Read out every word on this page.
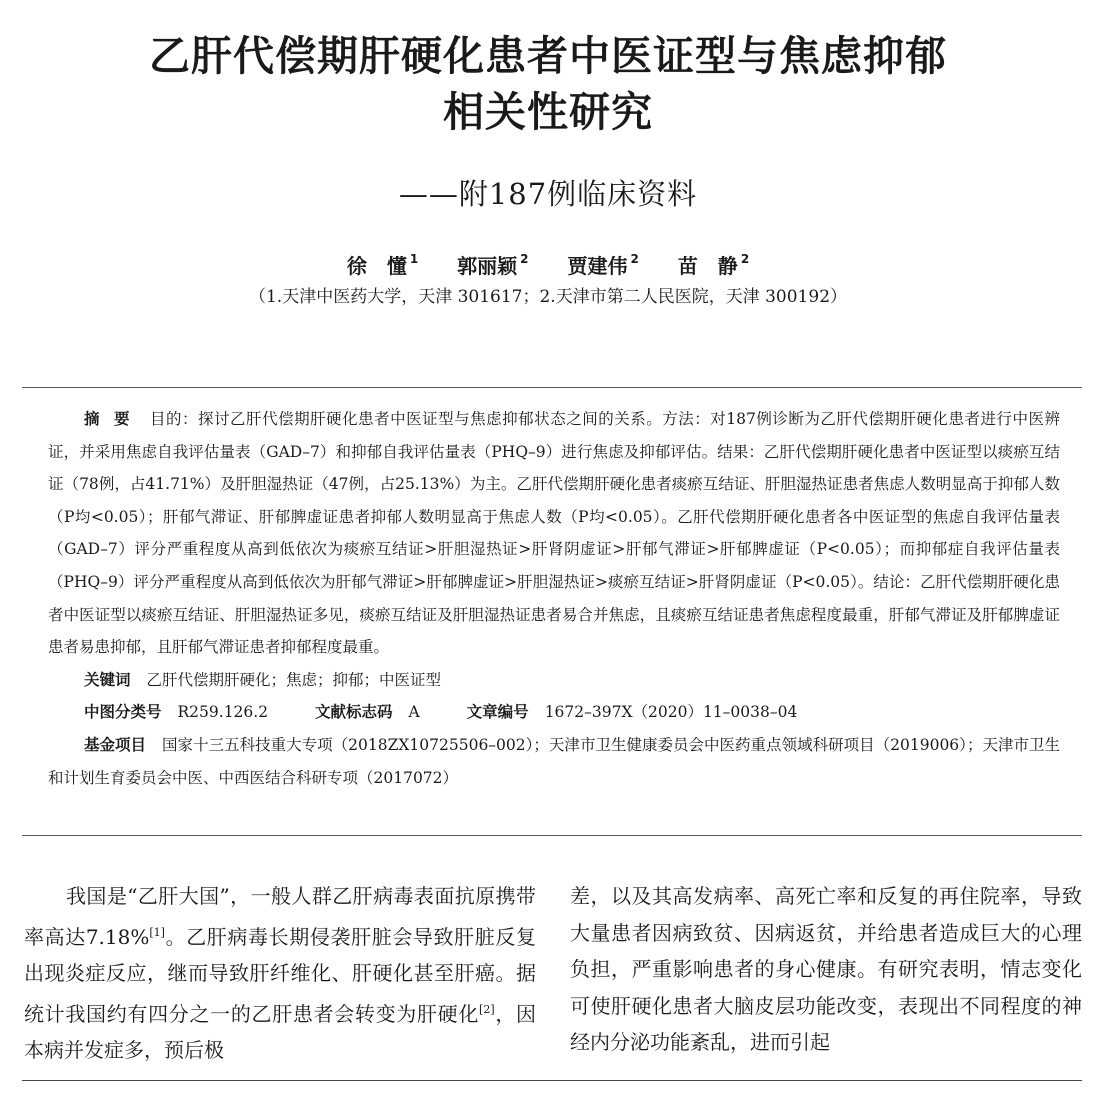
乙肝代偿期肝硬化患者中医证型与焦虑抑郁
相关性研究
——附187例临床资料
徐　懂 $^1$ 郭丽颖 $^2$ 贾建伟 $^2$ 苗　静 $^2$
（1.天津中医药大学，天津 301617；2.天津市第二人民医院，天津 300192）

摘要 目的：探讨乙肝代偿期肝硬化患者中医证型与焦虑抑郁状态之间的关系。方法：对187例诊断为乙肝代偿期肝硬化患者进行中医辨证，并采用焦虑自我评估量表（GAD–7）和抑郁自我评估量表（PHQ–9）进行焦虑及抑郁评估。结果：乙肝代偿期肝硬化患者中医证型以痰瘀互结证（78例，占41.71%）及肝胆湿热证（47例，占25.13%）为主。乙肝代偿期肝硬化患者痰瘀互结证、肝胆湿热证患者焦虑人数明显高于抑郁人数（P均<0.05）；肝郁气滞证、肝郁脾虚证患者抑郁人数明显高于焦虑人数（P均<0.05）。乙肝代偿期肝硬化患者各中医证型的焦虑自我评估量表（GAD–7）评分严重程度从高到低依次为痰瘀互结证>肝胆湿热证>肝肾阴虚证>肝郁气滞证>肝郁脾虚证（P<0.05）；而抑郁症自我评估量表（PHQ–9）评分严重程度从高到低依次为肝郁气滞证>肝郁脾虚证>肝胆湿热证>痰瘀互结证>肝肾阴虚证（P<0.05）。结论：乙肝代偿期肝硬化患者中医证型以痰瘀互结证、肝胆湿热证多见，痰瘀互结证及肝胆湿热证患者易合并焦虑，且痰瘀互结证患者焦虑程度最重，肝郁气滞证及肝郁脾虚证患者易患抑郁，且肝郁气滞证患者抑郁程度最重。

关键词 乙肝代偿期肝硬化；焦虑；抑郁；中医证型

中图分类号 R259.126.2	文献标志码 A	文章编号 1672–397X（2020）11–0038–04

基金项目 国家十三五科技重大专项（2018ZX10725506–002）；天津市卫生健康委员会中医药重点领域科研项目（2019006）；天津市卫生和计划生育委员会中医、中西医结合科研专项（2017072）

我国是“乙肝大国”，一般人群乙肝病毒表面抗原携带率高达7.18%[1]。乙肝病毒长期侵袭肝脏会导致肝脏反复出现炎症反应，继而导致肝纤维化、肝硬化甚至肝癌。据统计我国约有四分之一的乙肝患者会转变为肝硬化[2]，因本病并发症多，预后极

差，以及其高发病率、高死亡率和反复的再住院率，导致大量患者因病致贫、因病返贫，并给患者造成巨大的心理负担，严重影响患者的身心健康。有研究表明，情志变化可使肝硬化患者大脑皮层功能改变，表现出不同程度的神经内分泌功能紊乱，进而引起
